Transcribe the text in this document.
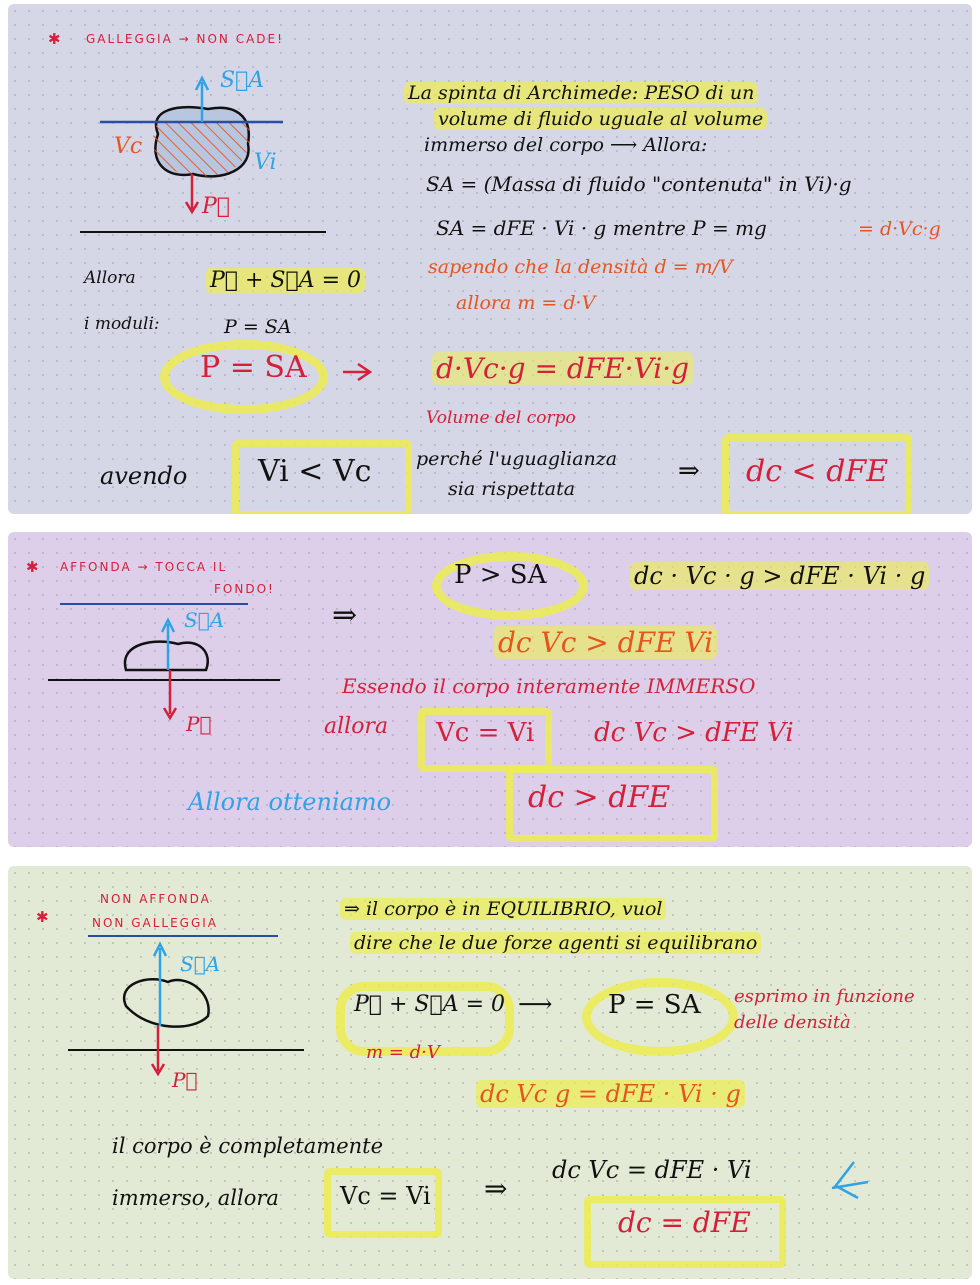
✱ GALLEGGIA → NON CADE!
S⃗A
Vc
Vi
P⃗
La spinta di Archimede: PESO di un
volume di fluido uguale al volume
immerso del corpo ⟶ Allora:
SA = (Massa di fluido "contenuta" in Vi)·g
SA = dFE · Vi · g mentre P = mg	= d·Vc·g
sapendo che la densità d = m/V
allora m = d·V
Allora	P⃗ + S⃗A = 0
i moduli:	P = SA
P = SA	d·Vc·g = dFE·Vi·g
Volume del corpo
avendo Vi < Vc perché l'uguaglianza
sia rispettata
⇒ dc < dFE
✱ AFFONDA → TOCCA IL
FONDO!
S⃗A
P⃗
⇒
P > SA	dc · Vc · g > dFE · Vi · g
dc Vc > dFE Vi
Essendo il corpo interamente IMMERSO
allora Vc = Vi dc Vc > dFE Vi
Allora otteniamo	dc > dFE
✱
NON AFFONDA
NON GALLEGGIA
S⃗A
P⃗
⇒ il corpo è in EQUILIBRIO, vuol
dire che le due forze agenti si equilibrano
P⃗ + S⃗A = 0 ⟶ P = SA esprimo in funzione
delle densità
m = d·V
dc Vc g = dFE · Vi · g
il corpo è completamente
immerso, allora	Vc = Vi ⇒
dc Vc = dFE · Vi
dc = dFE
